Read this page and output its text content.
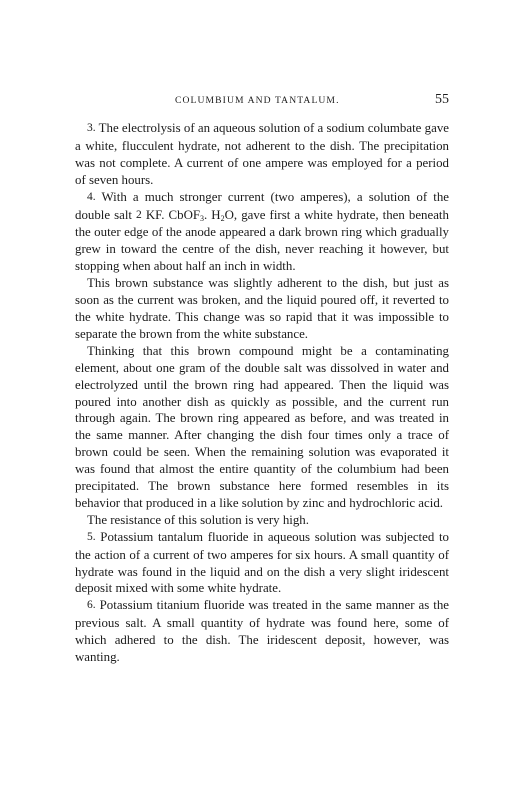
COLUMBIUM AND TANTALUM.	55

3. The electrolysis of an aqueous solution of a sodium columbate gave a white, flucculent hydrate, not adherent to the dish. The precipitation was not complete. A current of one ampere was employed for a period of seven hours.

4. With a much stronger current (two amperes), a solution of the double salt 2 KF. CbOF$_3$. $H_2O$, gave first a white hydrate, then beneath the outer edge of the anode appeared a dark brown ring which gradually grew in toward the centre of the dish, never reaching it however, but stopping when about half an inch in width.

This brown substance was slightly adherent to the dish, but just as soon as the current was broken, and the liquid poured off, it reverted to the white hydrate. This change was so rapid that it was impossible to separate the brown from the white substance.

Thinking that this brown compound might be a contaminating element, about one gram of the double salt was dissolved in water and electrolyzed until the brown ring had appeared. Then the liquid was poured into another dish as quickly as possible, and the current run through again. The brown ring appeared as before, and was treated in the same manner. After changing the dish four times only a trace of brown could be seen. When the remaining solution was evaporated it was found that almost the entire quantity of the columbium had been precipitated. The brown substance here formed resembles in its behavior that produced in a like solution by zinc and hydrochloric acid.

The resistance of this solution is very high.

5. Potassium tantalum fluoride in aqueous solution was subjected to the action of a current of two amperes for six hours. A small quantity of hydrate was found in the liquid and on the dish a very slight iridescent deposit mixed with some white hydrate.

6. Potassium titanium fluoride was treated in the same manner as the previous salt. A small quantity of hydrate was found here, some of which adhered to the dish. The iridescent deposit, however, was wanting.
